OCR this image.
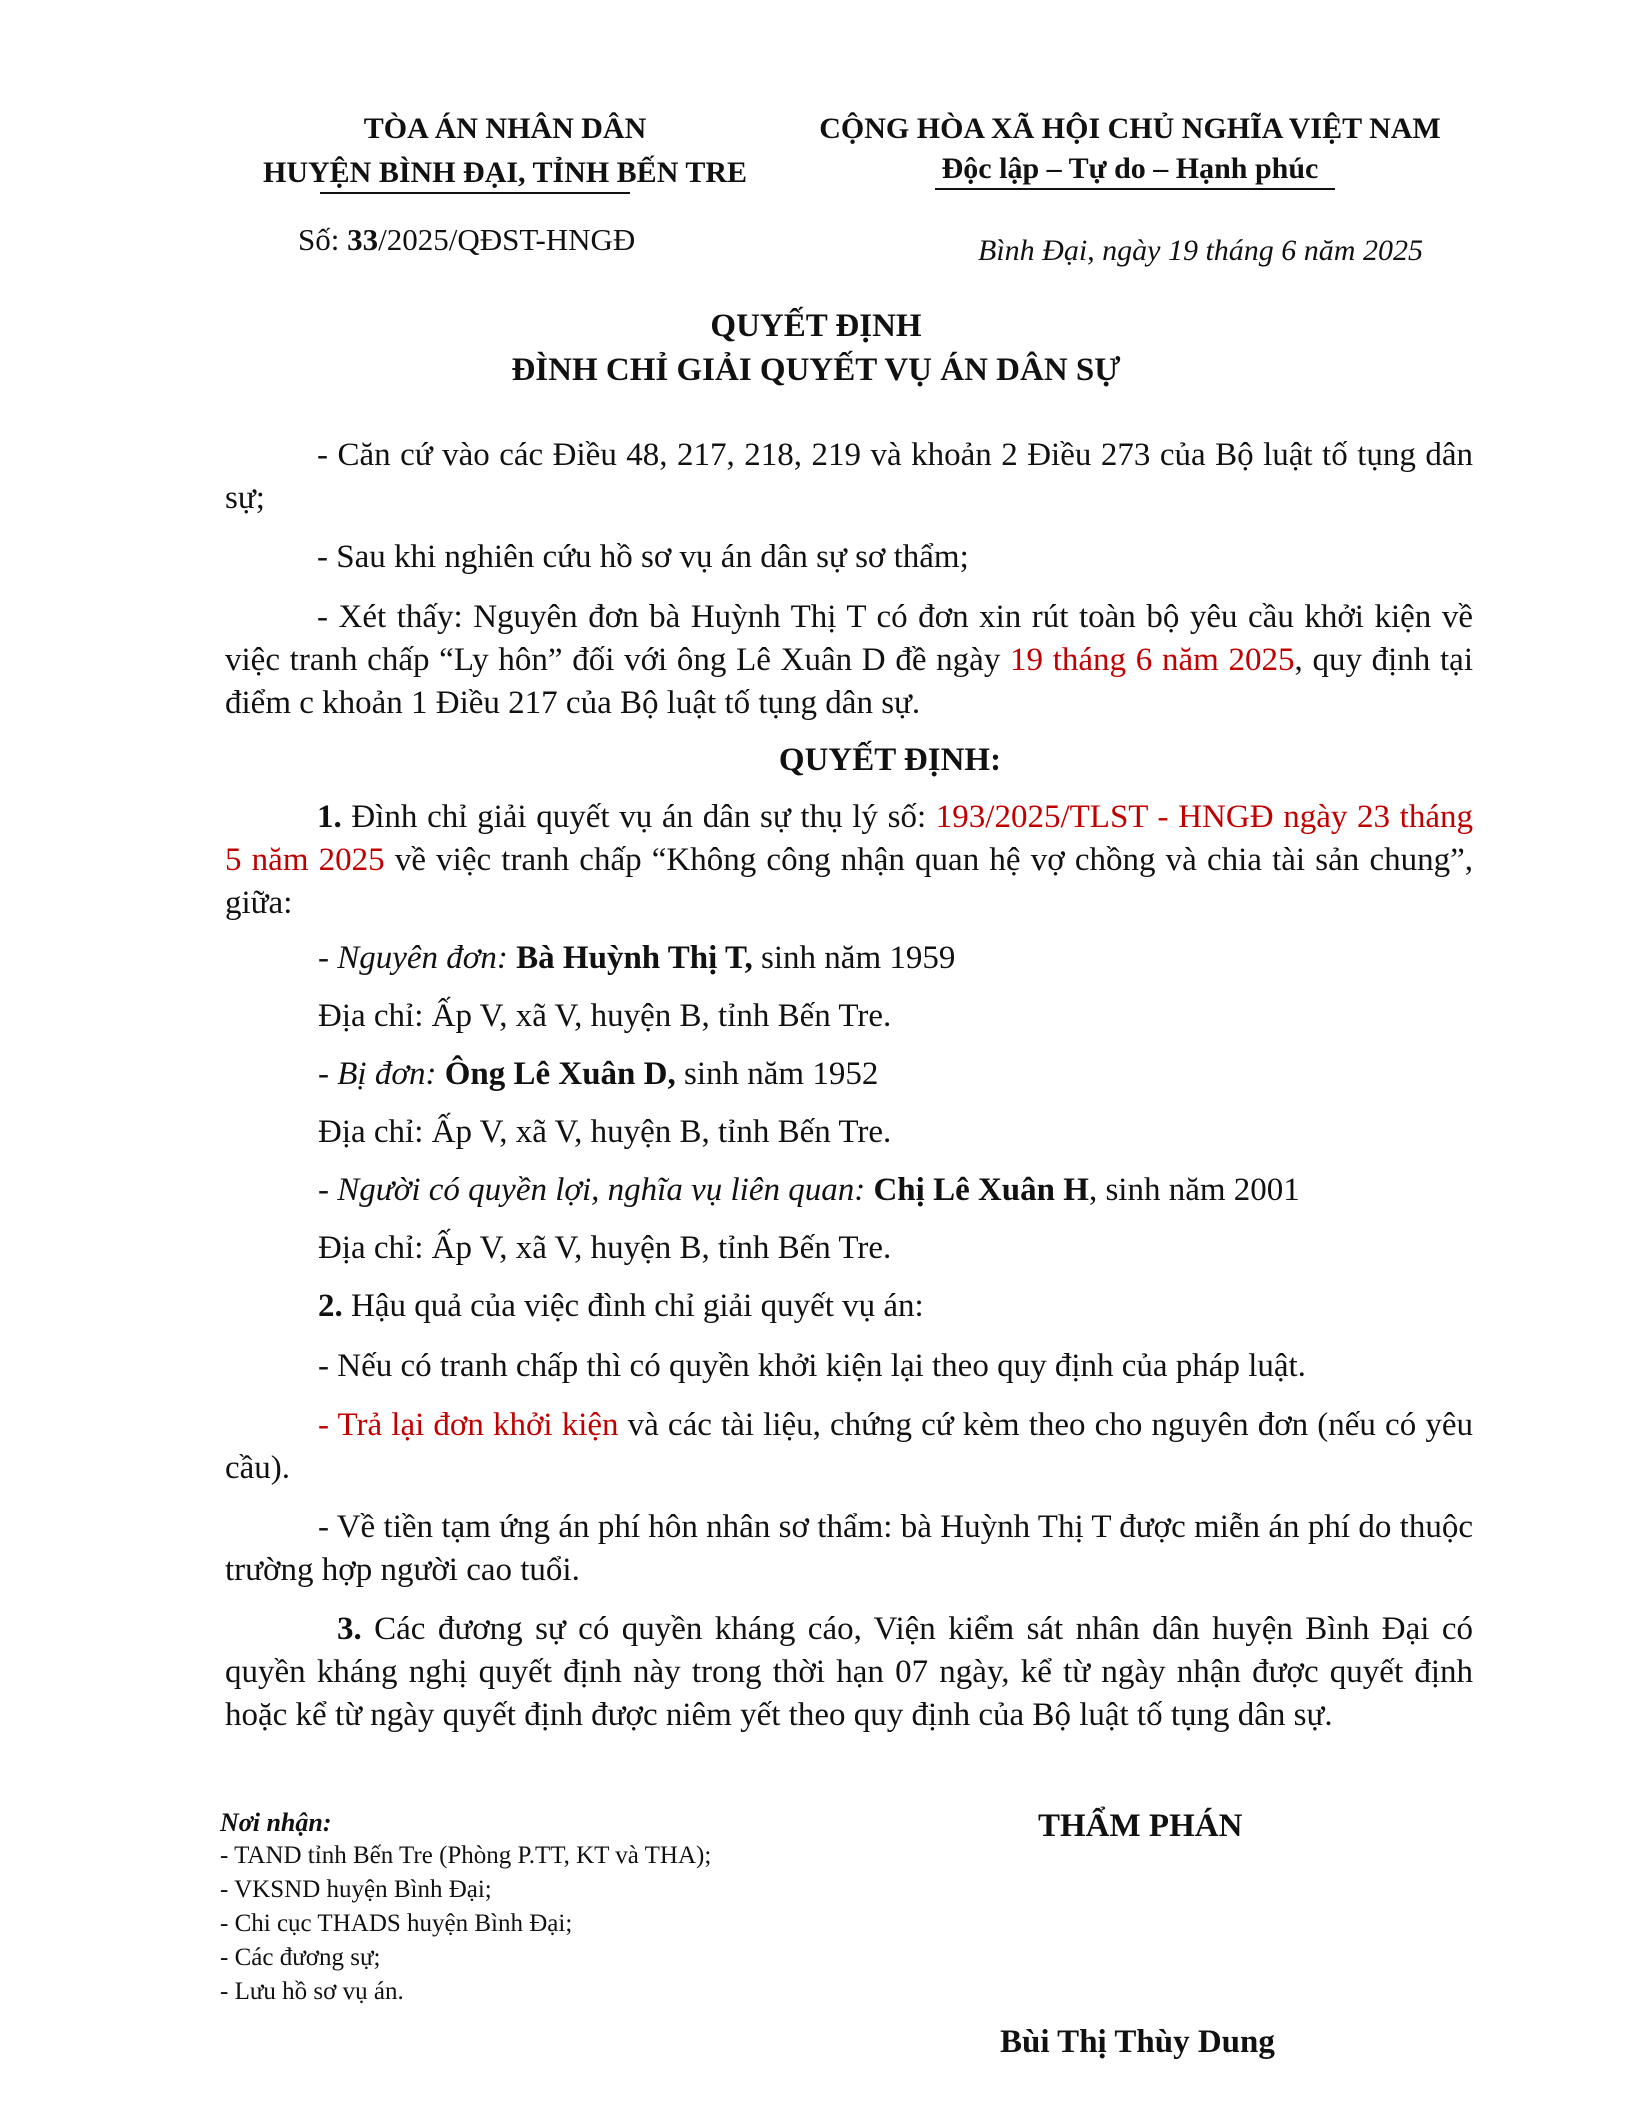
TÒA ÁN NHÂN DÂN
HUYỆN BÌNH ĐẠI, TỈNH BẾN TRE
Số: 33/2025/QĐST-HNGĐ
CỘNG HÒA XÃ HỘI CHỦ NGHĨA VIỆT NAM
Độc lập – Tự do – Hạnh phúc
Bình Đại, ngày 19 tháng 6 năm 2025
QUYẾT ĐỊNH
ĐÌNH CHỈ GIẢI QUYẾT VỤ ÁN DÂN SỰ
- Căn cứ vào các Điều 48, 217, 218, 219 và khoản 2 Điều 273 của Bộ luật tố tụng dân sự;
- Sau khi nghiên cứu hồ sơ vụ án dân sự sơ thẩm;
- Xét thấy: Nguyên đơn bà Huỳnh Thị T có đơn xin rút toàn bộ yêu cầu khởi kiện về việc tranh chấp “Ly hôn” đối với ông Lê Xuân D đề ngày 19 tháng 6 năm 2025, quy định tại điểm c khoản 1 Điều 217 của Bộ luật tố tụng dân sự.
QUYẾT ĐỊNH:
1. Đình chỉ giải quyết vụ án dân sự thụ lý số: 193/2025/TLST - HNGĐ ngày 23 tháng 5 năm 2025 về việc tranh chấp “Không công nhận quan hệ vợ chồng và chia tài sản chung”, giữa:
- Nguyên đơn: Bà Huỳnh Thị T, sinh năm 1959
Địa chỉ: Ấp V, xã V, huyện B, tỉnh Bến Tre.
- Bị đơn: Ông Lê Xuân D, sinh năm 1952
Địa chỉ: Ấp V, xã V, huyện B, tỉnh Bến Tre.
- Người có quyền lợi, nghĩa vụ liên quan: Chị Lê Xuân H, sinh năm 2001
Địa chỉ: Ấp V, xã V, huyện B, tỉnh Bến Tre.
2. Hậu quả của việc đình chỉ giải quyết vụ án:
- Nếu có tranh chấp thì có quyền khởi kiện lại theo quy định của pháp luật.
- Trả lại đơn khởi kiện và các tài liệu, chứng cứ kèm theo cho nguyên đơn (nếu có yêu cầu).
- Về tiền tạm ứng án phí hôn nhân sơ thẩm: bà Huỳnh Thị T được miễn án phí do thuộc trường hợp người cao tuổi.
3. Các đương sự có quyền kháng cáo, Viện kiểm sát nhân dân huyện Bình Đại có quyền kháng nghị quyết định này trong thời hạn 07 ngày, kể từ ngày nhận được quyết định hoặc kể từ ngày quyết định được niêm yết theo quy định của Bộ luật tố tụng dân sự.
Nơi nhận:
- TAND tỉnh Bến Tre (Phòng P.TT, KT và THA);
- VKSND huyện Bình Đại;
- Chi cục THADS huyện Bình Đại;
- Các đương sự;
- Lưu hồ sơ vụ án.
THẨM PHÁN
Bùi Thị Thùy Dung
